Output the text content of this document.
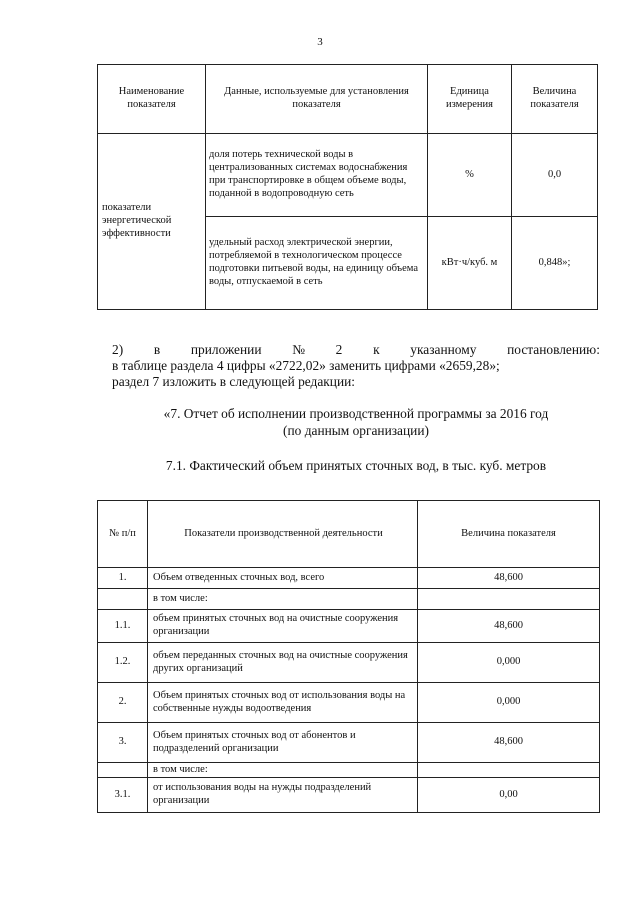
3
Наименование показателя	Данные, используемые для установления показателя	Единица измерения	Величина показателя
показатели энергетической эффективности	доля потерь технической воды в централизованных системах водоснабжения при транспортировке в общем объеме воды, поданной в водопроводную сеть	%	0,0
	удельный расход электрической энергии, потребляемой в технологическом процессе подготовки питьевой воды, на единицу объема воды, отпускаемой в сеть	кВт·ч/куб. м	0,848»;
2) в приложении № 2 к указанному постановлению:
в таблице раздела 4 цифры «2722,02» заменить цифрами «2659,28»;
раздел 7 изложить в следующей редакции:
«7. Отчет об исполнении производственной программы за 2016 год
(по данным организации)
7.1. Фактический объем принятых сточных вод, в тыс. куб. метров
№ п/п	Показатели производственной деятельности	Величина показателя
1.	Объем отведенных сточных вод, всего	48,600
	в том числе:	
1.1.	объем принятых сточных вод на очистные сооружения организации	48,600
1.2.	объем переданных сточных вод на очистные сооружения других организаций	0,000
2.	Объем принятых сточных вод от использования воды на собственные нужды водоотведения	0,000
3.	Объем принятых сточных вод от абонентов и подразделений организации	48,600
	в том числе:	
3.1.	от использования воды на нужды подразделений организации	0,00
